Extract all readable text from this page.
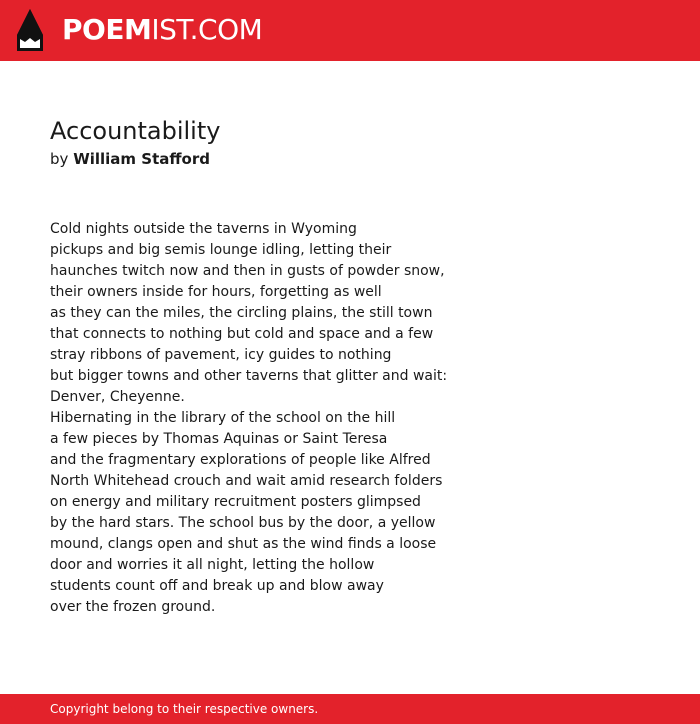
POEMIST.COM
Accountability
by William Stafford
Cold nights outside the taverns in Wyoming
pickups and big semis lounge idling, letting their
haunches twitch now and then in gusts of powder snow,
their owners inside for hours, forgetting as well
as they can the miles, the circling plains, the still town
that connects to nothing but cold and space and a few
stray ribbons of pavement, icy guides to nothing
but bigger towns and other taverns that glitter and wait:
Denver, Cheyenne.
Hibernating in the library of the school on the hill
a few pieces by Thomas Aquinas or Saint Teresa
and the fragmentary explorations of people like Alfred
North Whitehead crouch and wait amid research folders
on energy and military recruitment posters glimpsed
by the hard stars. The school bus by the door, a yellow
mound, clangs open and shut as the wind finds a loose
door and worries it all night, letting the hollow
students count off and break up and blow away
over the frozen ground.
Copyright belong to their respective owners.
